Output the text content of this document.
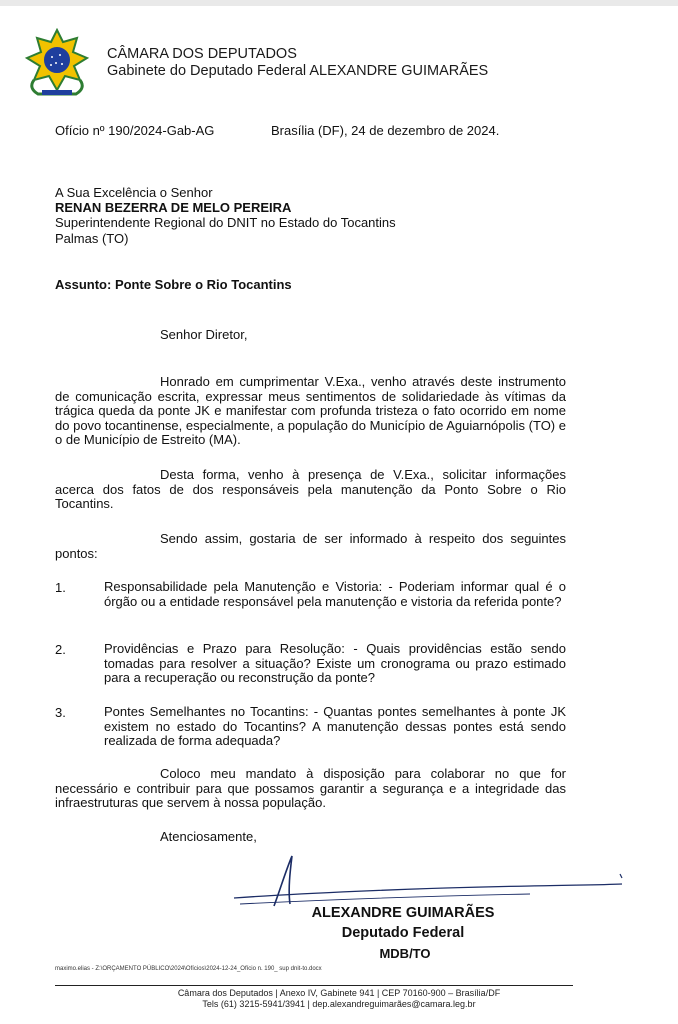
CÂMARA DOS DEPUTADOS
Gabinete do Deputado Federal ALEXANDRE GUIMARÃES
Ofício nº 190/2024-Gab-AG	Brasília (DF), 24 de dezembro de 2024.
A Sua Excelência o Senhor
RENAN BEZERRA DE MELO PEREIRA
Superintendente Regional do DNIT no Estado do Tocantins
Palmas (TO)
Assunto: Ponte Sobre o Rio Tocantins
Senhor Diretor,
Honrado em cumprimentar V.Exa., venho através deste instrumento de comunicação escrita, expressar meus sentimentos de solidariedade às vítimas da trágica queda da ponte JK e manifestar com profunda tristeza o fato ocorrido em nome do povo tocantinense, especialmente, a população do Município de Aguiarnópolis (TO) e o de Município de Estreito (MA).
Desta forma, venho à presença de V.Exa., solicitar informações acerca dos fatos de dos responsáveis pela manutenção da Ponto Sobre o Rio Tocantins.
Sendo assim, gostaria de ser informado à respeito dos seguintes pontos:
1.	Responsabilidade pela Manutenção e Vistoria: - Poderiam informar qual é o órgão ou a entidade responsável pela manutenção e vistoria da referida ponte?
2.	Providências e Prazo para Resolução: - Quais providências estão sendo tomadas para resolver a situação? Existe um cronograma ou prazo estimado para a recuperação ou reconstrução da ponte?
3.	Pontes Semelhantes no Tocantins: - Quantas pontes semelhantes à ponte JK existem no estado do Tocantins? A manutenção dessas pontes está sendo realizada de forma adequada?
Coloco meu mandato à disposição para colaborar no que for necessário e contribuir para que possamos garantir a segurança e a integridade das infraestruturas que servem à nossa população.
Atenciosamente,
ALEXANDRE GUIMARÃES
Deputado Federal
MDB/TO
maximo.elias - Z:\ORÇAMENTO PÚBLICO\2024\Ofícios\2024-12-24_Ofício n. 190_ sup dnit-to.docx
Câmara dos Deputados | Anexo IV, Gabinete 941 | CEP 70160-900 – Brasília/DF
Tels (61) 3215-5941/3941 | dep.alexandreguimarães@camara.leg.br
